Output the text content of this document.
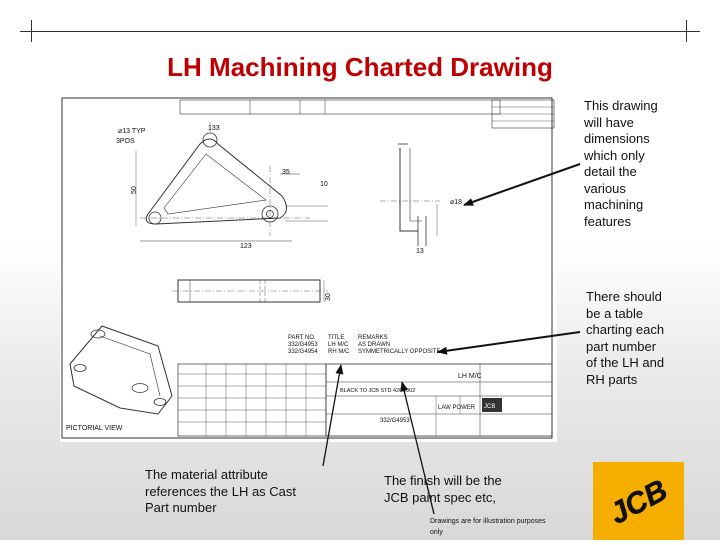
LH Machining Charted Drawing
⌀13 TYP
3POS
133
35
10
50
123
⌀18
13
30
PICTORIAL VIEW
PART NO. TITLE REMARKS
332/G4953 LH M/C AS DRAWN
332/G4954 RH M/C SYMMETRICALLY OPPOSITE
BLACK TO JCB STD 4209D02
LH M/C
LAW POWER
332/G4953
JCB
This drawing
will have
dimensions
which only
detail the
various
machining
features
There should
be a table
charting each
part number
of the LH and
RH parts
The material attribute
references the LH as Cast
Part number
The finish will be the
JCB paint spec etc,
Drawings are for illustration purposes
only
JCB
